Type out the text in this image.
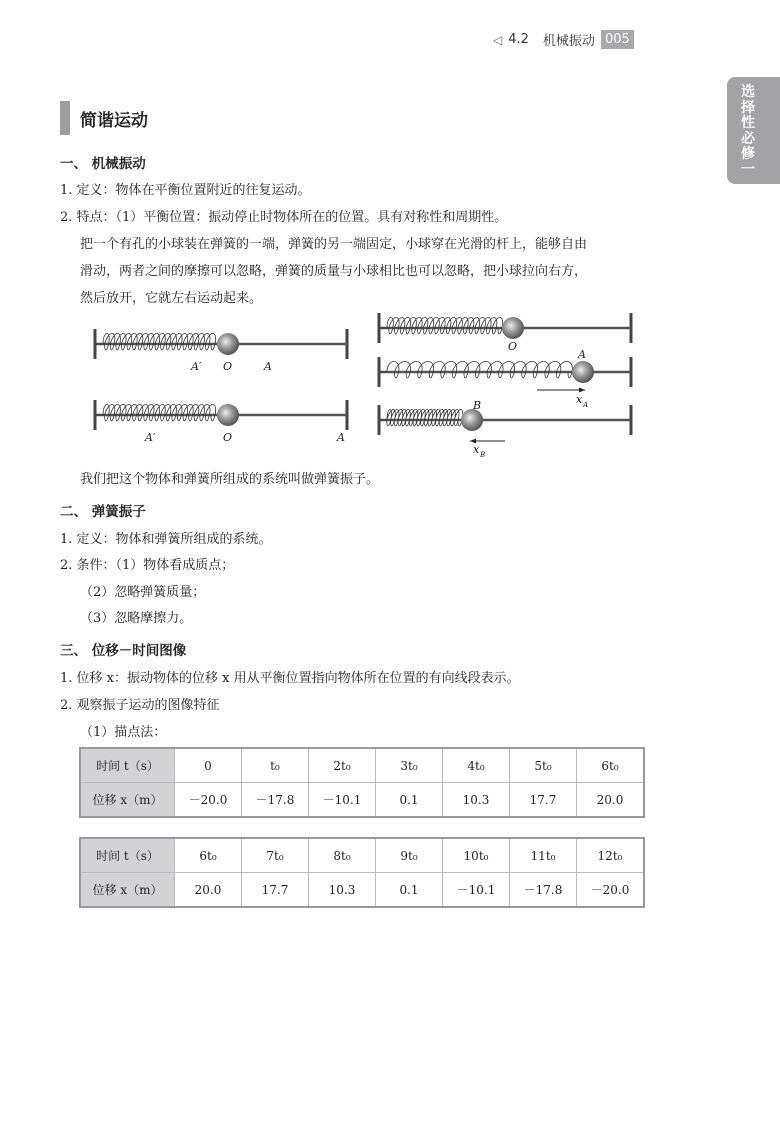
◁ 4.2 机械振动 005
选
择
性
必
修
一
简谐运动
一、 机械振动
1. 定义：物体在平衡位置附近的往复运动。
2. 特点：（1）平衡位置：振动停止时物体所在的位置。具有对称性和周期性。
把一个有孔的小球装在弹簧的一端，弹簧的另一端固定，小球穿在光滑的杆上，能够自由
滑动，两者之间的摩擦可以忽略，弹簧的质量与小球相比也可以忽略，把小球拉向右方，
然后放开，它就左右运动起来。
A′ O	A
A′	O	A
O
A
B	x A
x B
我们把这个物体和弹簧所组成的系统叫做弹簧振子。
二、 弹簧振子
1. 定义：物体和弹簧所组成的系统。
2. 条件：（1）物体看成质点；
（2）忽略弹簧质量；
（3）忽略摩擦力。
三、 位移－时间图像
1. 位移 x：振动物体的位移 x 用从平衡位置指向物体所在位置的有向线段表示。
2. 观察振子运动的图像特征
（1）描点法：
时间 t（s）	0	t₀	2t₀	3t₀	4t₀	5t₀	6t₀
位移 x（m）	－20.0	－17.8	－10.1	0.1	10.3	17.7	20.0
时间 t（s）	6t₀	7t₀	8t₀	9t₀	10t₀	11t₀	12t₀
位移 x（m）	20.0	17.7	10.3	0.1	－10.1	－17.8	－20.0
